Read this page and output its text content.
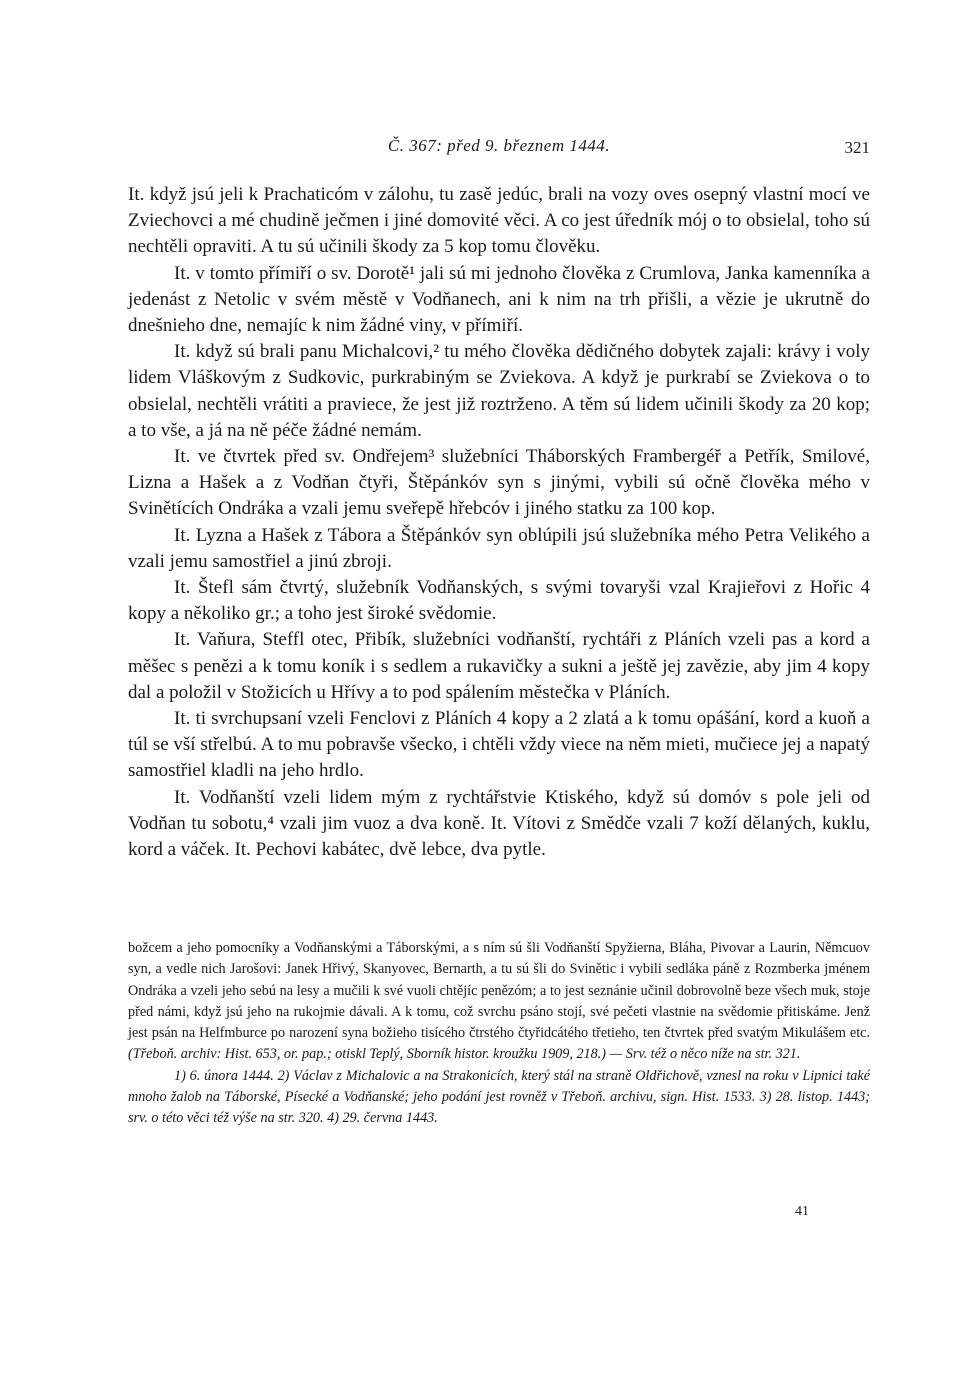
Č. 367: před 9. březnem 1444.	321

It. když jsú jeli k Prachaticóm v zálohu, tu zasě jedúc, brali na vozy oves osepný vlastní mocí ve Zviechovci a mé chudině ječmen i jiné domovité věci. A co jest úředník mój o to obsielal, toho sú nechtěli opraviti. A tu sú učinili škody za 5 kop tomu člověku.

It. v tomto přímiří o sv. Dorotě¹ jali sú mi jednoho člověka z Crumlova, Janka kamenníka a jedenást z Netolic v svém městě v Vodňanech, ani k nim na trh přišli, a vězie je ukrutně do dnešnieho dne, nemajíc k nim žádné viny, v přímiří.

It. když sú brali panu Michalcovi,² tu mého člověka dědičného dobytek zajali: krávy i voly lidem Vláškovým z Sudkovic, purkrabiným se Zviekova. A když je purkrabí se Zviekova o to obsielal, nechtěli vrátiti a praviece, že jest již roztrženo. A těm sú lidem učinili škody za 20 kop; a to vše, a já na ně péče žádné nemám.

It. ve čtvrtek před sv. Ondřejem³ služebníci Tháborských Frambergéř a Petřík, Smilové, Lizna a Hašek a z Vodňan čtyři, Štěpánkóv syn s jinými, vybili sú očně člověka mého v Svinětících Ondráka a vzali jemu sveřepě hřebcóv i jiného statku za 100 kop.

It. Lyzna a Hašek z Tábora a Štěpánkóv syn oblúpili jsú služebníka mého Petra Velikého a vzali jemu samostřiel a jinú zbroji.

It. Štefl sám čtvrtý, služebník Vodňanských, s svými tovaryši vzal Krajieřovi z Hořic 4 kopy a několiko gr.; a toho jest široké svědomie.

It. Vaňura, Steffl otec, Přibík, služebníci vodňanští, rychtáři z Pláních vzeli pas a kord a měšec s penězi a k tomu koník i s sedlem a rukavičky a sukni a ještě jej zavězie, aby jim 4 kopy dal a položil v Stožicích u Hřívy a to pod spálením městečka v Pláních.

It. ti svrchupsaní vzeli Fenclovi z Pláních 4 kopy a 2 zlatá a k tomu opášání, kord a kuoň a túl se vší střelbú. A to mu pobravše všecko, i chtěli vždy viece na něm mieti, mučiece jej a napatý samostřiel kladli na jeho hrdlo.

It. Vodňanští vzeli lidem mým z rychtářstvie Ktiského, když sú domóv s pole jeli od Vodňan tu sobotu,⁴ vzali jim vuoz a dva koně. It. Vítovi z Smědče vzali 7 koží dělaných, kuklu, kord a váček. It. Pechovi kabátec, dvě lebce, dva pytle.

božcem a jeho pomocníky a Vodňanskými a Táborskými, a s ním sú šli Vodňanští Spyžierna, Bláha, Pivovar a Laurin, Němcuov syn, a vedle nich Jarošovi: Janek Hřivý, Skanyovec, Bernarth, a tu sú šli do Svinětic i vybili sedláka páně z Rozmberka jménem Ondráka a vzeli jeho sebú na lesy a mučili k své vuoli chtějíc penězóm; a to jest seznánie učinil dobrovolně beze všech muk, stoje před námi, když jsú jeho na rukojmie dávali. A k tomu, což svrchu psáno stojí, své pečeti vlastnie na svědomie přitiskáme. Jenž jest psán na Helfmburce po narození syna božieho tisícého čtrstého čtyřidcátého třetieho, ten čtvrtek před svatým Mikulášem etc. (Třeboň. archiv: Hist. 653, or. pap.; otiskl Teplý, Sborník histor. kroužku 1909, 218.) — Srv. též o něco níže na str. 321.

1) 6. února 1444. 2) Václav z Michalovic a na Strakonicích, který stál na straně Oldřichově, vznesl na roku v Lipnici také mnoho žalob na Táborské, Písecké a Vodňanské; jeho podání jest rovněž v Třeboň. archivu, sign. Hist. 1533. 3) 28. listop. 1443; srv. o této věci též výše na str. 320. 4) 29. června 1443.

41
